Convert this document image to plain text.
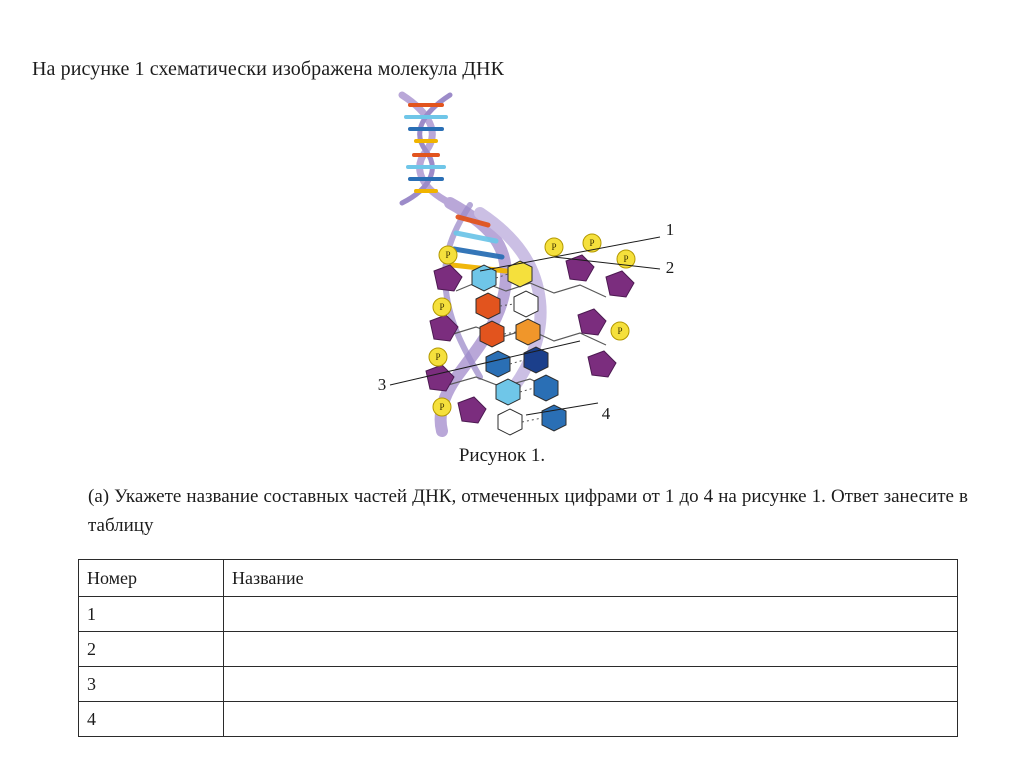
На рисунке 1 схематически изображена молекула ДНК

P
P	P
P
P
P
P
P
1
2
3
4
Рисунок 1.

(a) Укажете название составных частей ДНК, отмеченных цифрами от 1 до 4 на рисунке 1. Ответ занесите в таблицу

Номер	Название
1	
2	
3	
4	
